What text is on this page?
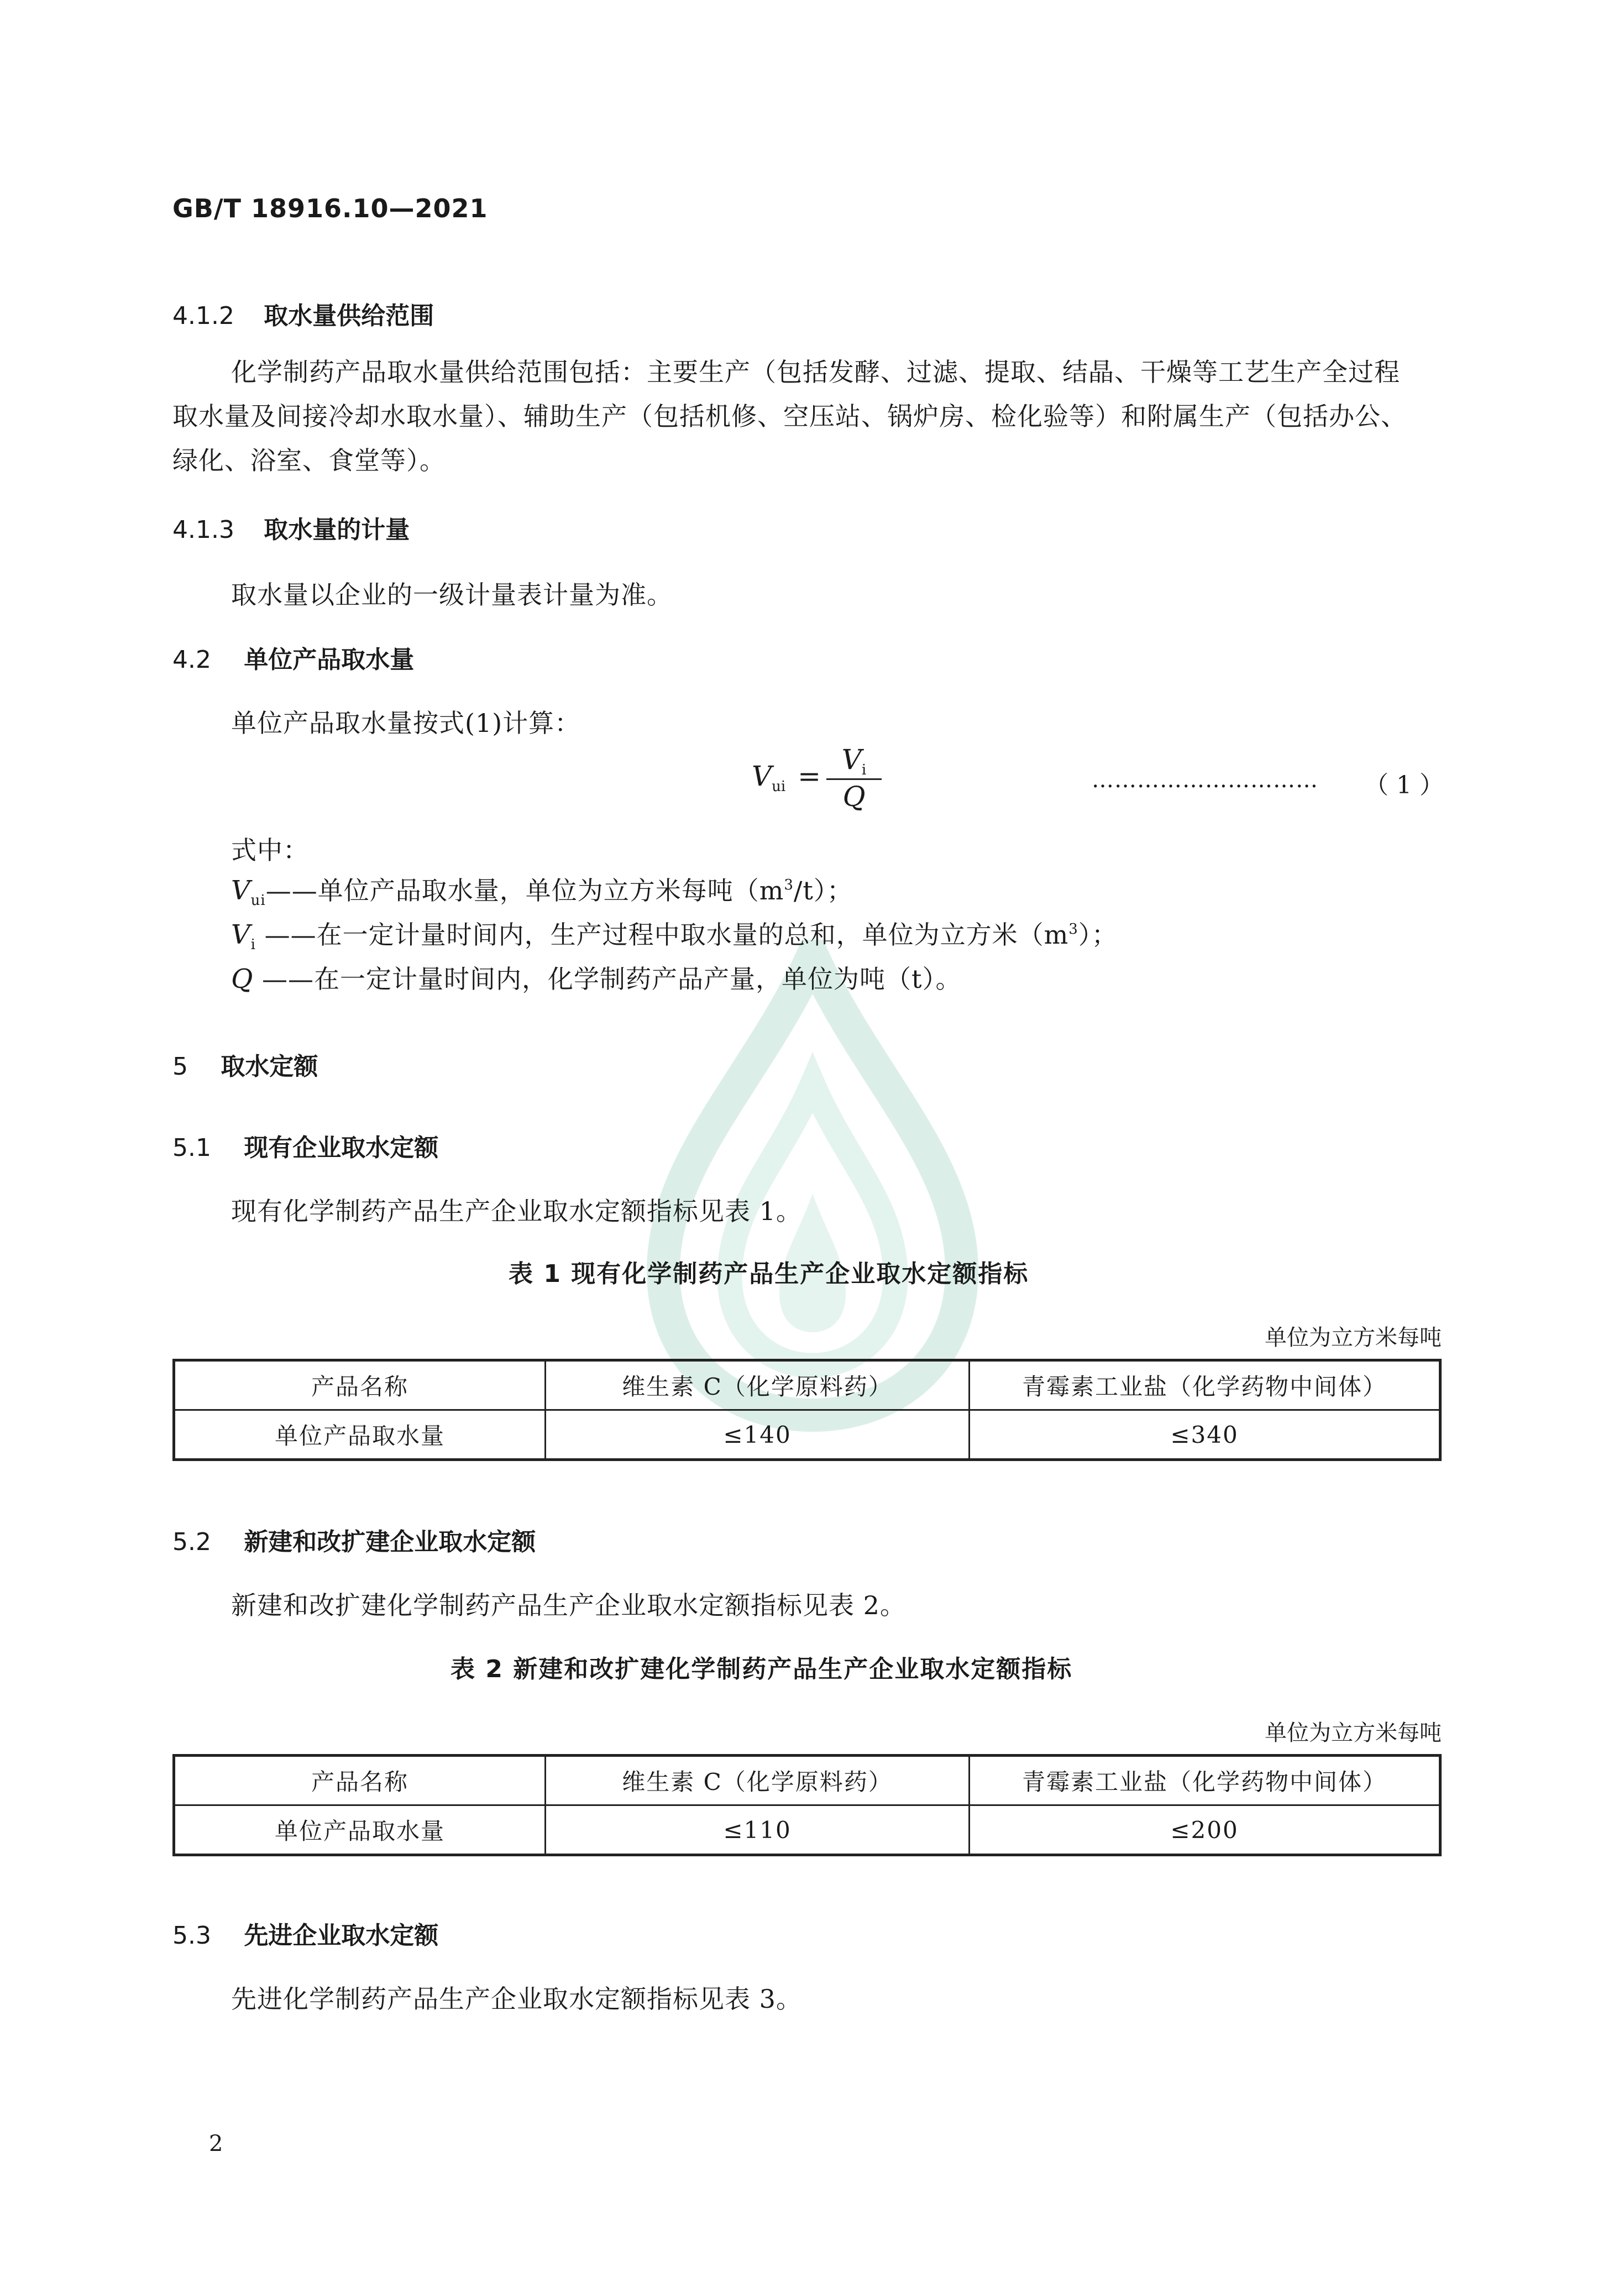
GB/T 18916.10—2021
4.1.2 取水量供给范围
化学制药产品取水量供给范围包括：主要生产（包括发酵、过滤、提取、结晶、干燥等工艺生产全过程
取水量及间接冷却水取水量）、辅助生产（包括机修、空压站、锅炉房、检化验等）和附属生产（包括办公、
绿化、浴室、食堂等）。
4.1.3 取水量的计量
取水量以企业的一级计量表计量为准。
4.2 单位产品取水量
单位产品取水量按式(1)计算：
$V_{ui}$ =
$V_i$
Q
………………………… （ 1 ）
式中：
$V_{ui}——$单位产品取水量，单位为立方米每吨$(m^3/t)$；
$V_i$ ——在一定计量时间内，生产过程中取水量的总和，单位为立方米$(m^3)$；
Q ——在一定计量时间内，化学制药产品产量，单位为吨（t）。
5 取水定额
5.1 现有企业取水定额
现有化学制药产品生产企业取水定额指标见表 1。
表 1 现有化学制药产品生产企业取水定额指标
单位为立方米每吨
产品名称	维生素 C（化学原料药）	青霉素工业盐（化学药物中间体）
单位产品取水量	≤140	≤340
5.2 新建和改扩建企业取水定额
新建和改扩建化学制药产品生产企业取水定额指标见表 2。
表 2 新建和改扩建化学制药产品生产企业取水定额指标
单位为立方米每吨
产品名称	维生素 C（化学原料药）	青霉素工业盐（化学药物中间体）
单位产品取水量	≤110	≤200
5.3 先进企业取水定额
先进化学制药产品生产企业取水定额指标见表 3。
2
